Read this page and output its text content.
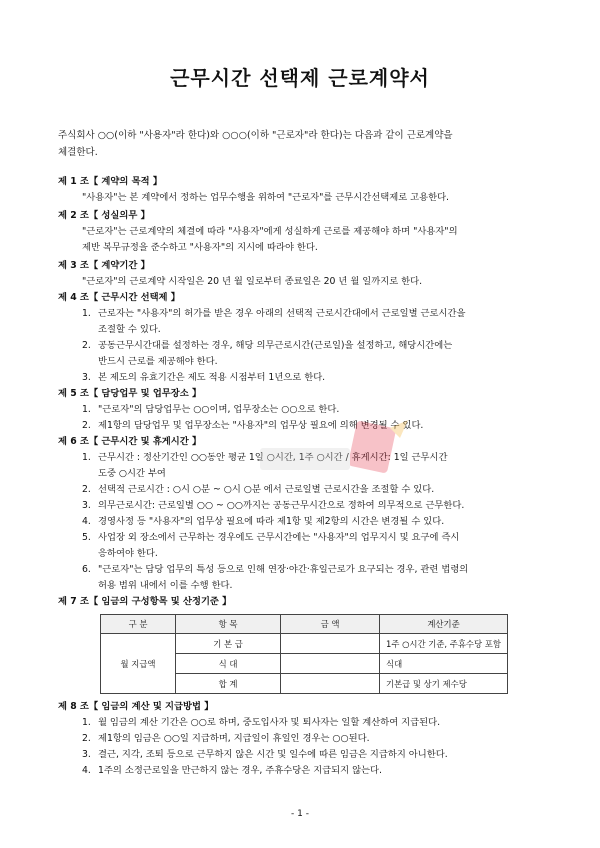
근무시간 선택제 근로계약서
주식회사 ○○(이하 "사용자"라 한다)와 ○○○(이하 "근로자"라 한다)는 다음과 같이 근로계약을
체결한다.
제 1 조【 계약의 목적 】
"사용자"는 본 계약에서 정하는 업무수행을 위하여 "근로자"를 근무시간선택제로 고용한다.
제 2 조【 성실의무 】
"근로자"는 근로계약의 체결에 따라 "사용자"에게 성실하게 근로를 제공해야 하며 "사용자"의
제반 복무규정을 준수하고 "사용자"의 지시에 따라야 한다.
제 3 조【 계약기간 】
"근로자"의 근로계약 시작일은 20 년 월 일로부터 종료일은 20 년 월 일까지로 한다.
제 4 조【 근무시간 선택제 】
1. 근로자는 "사용자"의 허가를 받은 경우 아래의 선택적 근로시간대에서 근로일별 근로시간을
조절할 수 있다.
2. 공동근무시간대를 설정하는 경우, 해당 의무근로시간(근로일)을 설정하고, 해당시간에는
반드시 근로를 제공해야 한다.
3. 본 제도의 유효기간은 제도 적용 시점부터 1년으로 한다.
제 5 조【 담당업무 및 업무장소 】
1. "근로자"의 담당업무는 ○○이며, 업무장소는 ○○으로 한다.
2. 제1항의 담당업무 및 업무장소는 "사용자"의 업무상 필요에 의해 변경될 수 있다.
제 6 조【 근무시간 및 휴게시간 】
1. 근무시간 : 정산기간인 ○○동안 평균 1일 ○시간, 1주 ○시간 / 휴게시간: 1일 근무시간
도중 ○시간 부여
2. 선택적 근로시간 : ○시 ○분 ~ ○시 ○분 에서 근로일별 근로시간을 조절할 수 있다.
3. 의무근로시간: 근로일별 ○○ ~ ○○까지는 공동근무시간으로 정하여 의무적으로 근무한다.
4. 경영사정 등 "사용자"의 업무상 필요에 따라 제1항 및 제2항의 시간은 변경될 수 있다.
5. 사업장 외 장소에서 근무하는 경우에도 근무시간에는 "사용자"의 업무지시 및 요구에 즉시
응하여야 한다.
6. "근로자"는 담당 업무의 특성 등으로 인해 연장·야간·휴일근로가 요구되는 경우, 관련 법령의
허용 범위 내에서 이를 수행 한다.
제 7 조【 임금의 구성항목 및 산정기준 】
구 분	항 목	금 액	계산기준
월 지급액	기 본 급		1주 ○시간 기준, 주휴수당 포함
	식 대		식대
	합 계		기본급 및 상기 제수당
제 8 조【 임금의 계산 및 지급방법 】
1. 월 임금의 계산 기간은 ○○로 하며, 중도입사자 및 퇴사자는 일할 계산하여 지급된다.
2. 제1항의 임금은 ○○일 지급하며, 지급일이 휴일인 경우는 ○○된다.
3. 결근, 지각, 조퇴 등으로 근무하지 않은 시간 및 일수에 따른 임금은 지급하지 아니한다.
4. 1주의 소정근로일을 만근하지 않는 경우, 주휴수당은 지급되지 않는다.
- 1 -
